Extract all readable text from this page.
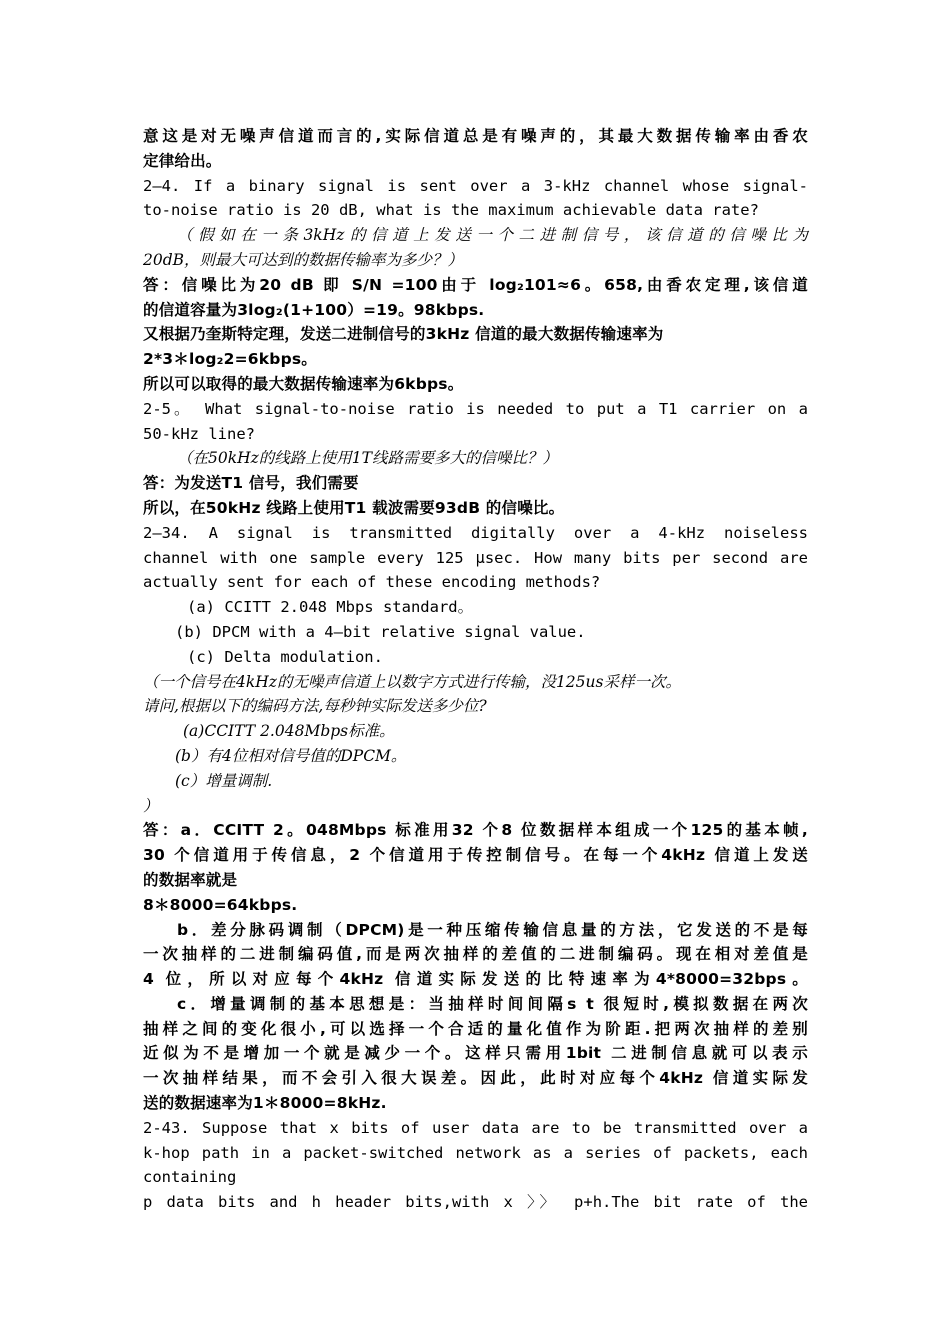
意这是对无噪声信道而言的,实际信道总是有噪声的，其最大数据传输率由香农
定律给出。
2—4. If a binary signal is sent over a 3-kHz channel whose signal-
to-noise ratio is 20 dB, what is the maximum achievable data rate?
（假如在一条3kHz的信道上发送一个二进制信号，该信道的信噪比为
20dB，则最大可达到的数据传输率为多少？）
答：信噪比为20 dB 即 S/N =100由于 log₂101≈6。658,由香农定理,该信道
的信道容量为3log₂(1+100）=19。98kbps.
又根据乃奎斯特定理，发送二进制信号的3kHz 信道的最大数据传输速率为
2*3＊log₂2=6kbps。
所以可以取得的最大数据传输速率为6kbps。
2-5。 What signal-to-noise ratio is needed to put a T1 carrier on a
50-kHz line?
（在50kHz的线路上使用1T线路需要多大的信噪比？）
答：为发送T1 信号，我们需要
所以，在50kHz 线路上使用T1 载波需要93dB 的信噪比。
2—34. A signal is transmitted digitally over a 4-kHz noiseless
channel with one sample every 125 μsec. How many bits per second are
actually sent for each of these encoding methods?
(a) CCITT 2.048 Mbps standard。
(b) DPCM with a 4—bit relative signal value.
(c) Delta modulation.
（一个信号在4kHz的无噪声信道上以数字方式进行传输，没125us采样一次。
请问,根据以下的编码方法,每秒钟实际发送多少位?
(a)CCITT 2.048Mbps标准。
(b）有4位相对信号值的DPCM。
(c）增量调制.
）
答：a．CCITT 2。048Mbps 标准用32 个8 位数据样本组成一个125的基本帧,
30 个信道用于传信息，2 个信道用于传控制信号。在每一个4kHz 信道上发送
的数据率就是
8＊8000=64kbps.
b．差分脉码调制（DPCM)是一种压缩传输信息量的方法，它发送的不是每
一次抽样的二进制编码值,而是两次抽样的差值的二进制编码。现在相对差值是
4 位，所以对应每个4kHz 信道实际发送的比特速率为4*8000=32bps。
c．增量调制的基本思想是：当抽样时间间隔s t 很短时,模拟数据在两次
抽样之间的变化很小,可以选择一个合适的量化值作为阶距.把两次抽样的差别
近似为不是增加一个就是减少一个。这样只需用1bit 二进制信息就可以表示
一次抽样结果，而不会引入很大误差。因此，此时对应每个4kHz 信道实际发
送的数据速率为1＊8000=8kHz.
2-43. Suppose that x bits of user data are to be transmitted over a
k-hop path in a packet-switched network as a series of packets, each
containing
p data bits and h header bits,with x 〉〉 p+h.The bit rate of the
